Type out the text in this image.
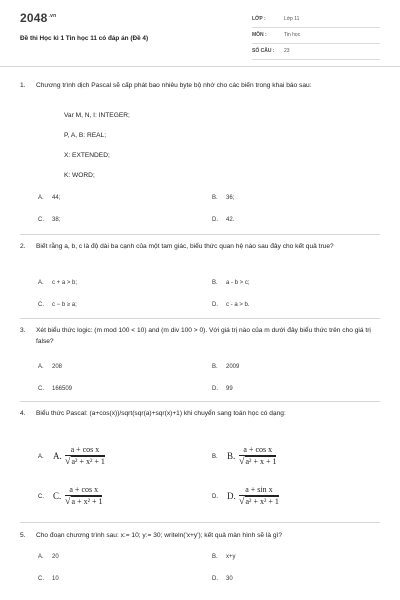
$2048^{.vn}$
Đề thi Học kì 1 Tin học 11 có đáp án (Đề 4)
LỚP :	Lớp 11
MÔN :	Tin học
SỐ CÂU : 23
1. Chương trình dịch Pascal sẽ cấp phát bao nhiêu byte bộ nhớ cho các biến trong khai báo sau:
Var M, N, I: INTEGER;
P, A, B: REAL;
X: EXTENDED;
K: WORD;
A. 44;	B. 36;
C. 38;	D. 42.
2. Biết rằng a, b, c là độ dài ba cạnh của một tam giác, biểu thức quan hệ nào sau đây cho kết quả true?
A. c + a > b;	B. a - b > c;
C. c − b ≥ a;	D. c - a > b.
3. Xét biểu thức logic: (m mod 100 < 10) and (m div 100 > 0). Với giá trị nào của m dưới đây biểu thức trên cho giá trị false?
A. 208	B. 2009
C. 166509	D. 99
4. Biểu thức Pascal: (a+cos(x))/sqrt(sqr(a)+sqr(x)+1) khi chuyển sang toán học có dạng:
A. A. $\frac{\text{a + cos x}}{\text{√a² + x² + 1}}$	B. B. $\frac{\text{a + cos x}}{\text{√a² + x + 1}}$
C. C. $\frac{\text{a + cos x}}{\text{√a + x² + 1}}$	D. D. $\frac{\text{a + sin x}}{\text{√a² + x² + 1}}$
5. Cho đoạn chương trình sau: x:= 10; y:= 30; writeln('x+y'); kết quả màn hình sẽ là gì?
A. 20	B. x+y
C. 10	D. 30
